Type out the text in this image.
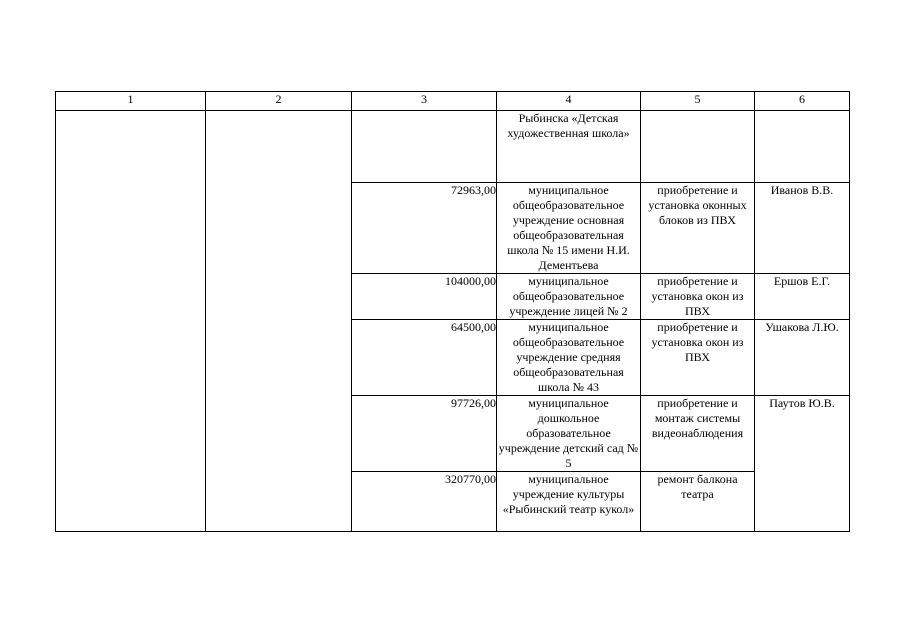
1	2	3	4	5	6
			Рыбинска «Детская художественная школа»		
		72963,00	муниципальное общеобразовательное учреждение основная общеобразовательная школа № 15 имени Н.И. Дементьева	приобретение и установка оконных блоков из ПВХ	Иванов В.В.
		104000,00	муниципальное общеобразовательное учреждение лицей № 2	приобретение и установка окон из ПВХ	Ершов Е.Г.
		64500,00	муниципальное общеобразовательное учреждение средняя общеобразовательная школа № 43	приобретение и установка окон из ПВХ	Ушакова Л.Ю.
		97726,00	муниципальное дошкольное образовательное учреждение детский сад № 5	приобретение и монтаж системы видеонаблюдения	Паутов Ю.В.
		320770,00	муниципальное учреждение культуры «Рыбинский театр кукол»	ремонт балкона театра	
